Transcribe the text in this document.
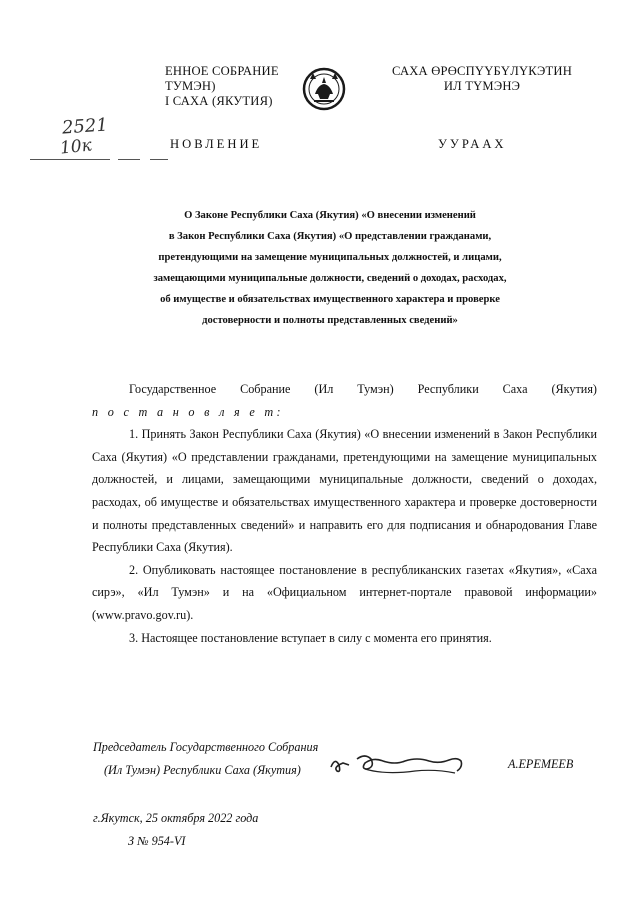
ЕННОЕ СОБРАНИЕ
ТУМЭН)
I САХА (ЯКУТИЯ)
САХА ӨРӨСПҮҮБҮЛҮКЭТИН
ИЛ ТҮМЭНЭ
НОВЛЕНИЕ	УУРААХ
2521
10к
О Законе Республики Саха (Якутия) «О внесении изменений
в Закон Республики Саха (Якутия) «О представлении гражданами,
претендующими на замещение муниципальных должностей, и лицами,
замещающими муниципальные должности, сведений о доходах, расходах,
об имуществе и обязательствах имущественного характера и проверке
достоверности и полноты представленных сведений»

Государственное Собрание (Ил Тумэн) Республики Саха (Якутия)

п о с т а н о в л я е т:

1. Принять Закон Республики Саха (Якутия) «О внесении изменений в Закон Республики Саха (Якутия) «О представлении гражданами, претендующими на замещение муниципальных должностей, и лицами, замещающими муниципальные должности, сведений о доходах, расходах, об имуществе и обязательствах имущественного характера и проверке достоверности и полноты представленных сведений» и направить его для подписания и обнародования Главе Республики Саха (Якутия).

2. Опубликовать настоящее постановление в республиканских газетах «Якутия», «Саха сирэ», «Ил Тумэн» и на «Официальном интернет-портале правовой информации» (www.pravo.gov.ru).

3. Настоящее постановление вступает в силу с момента его принятия.

Председатель Государственного Собрания
(Ил Тумэн) Республики Саха (Якутия)	А.ЕРЕМЕЕВ
г.Якутск, 25 октября 2022 года
З № 954-VI
